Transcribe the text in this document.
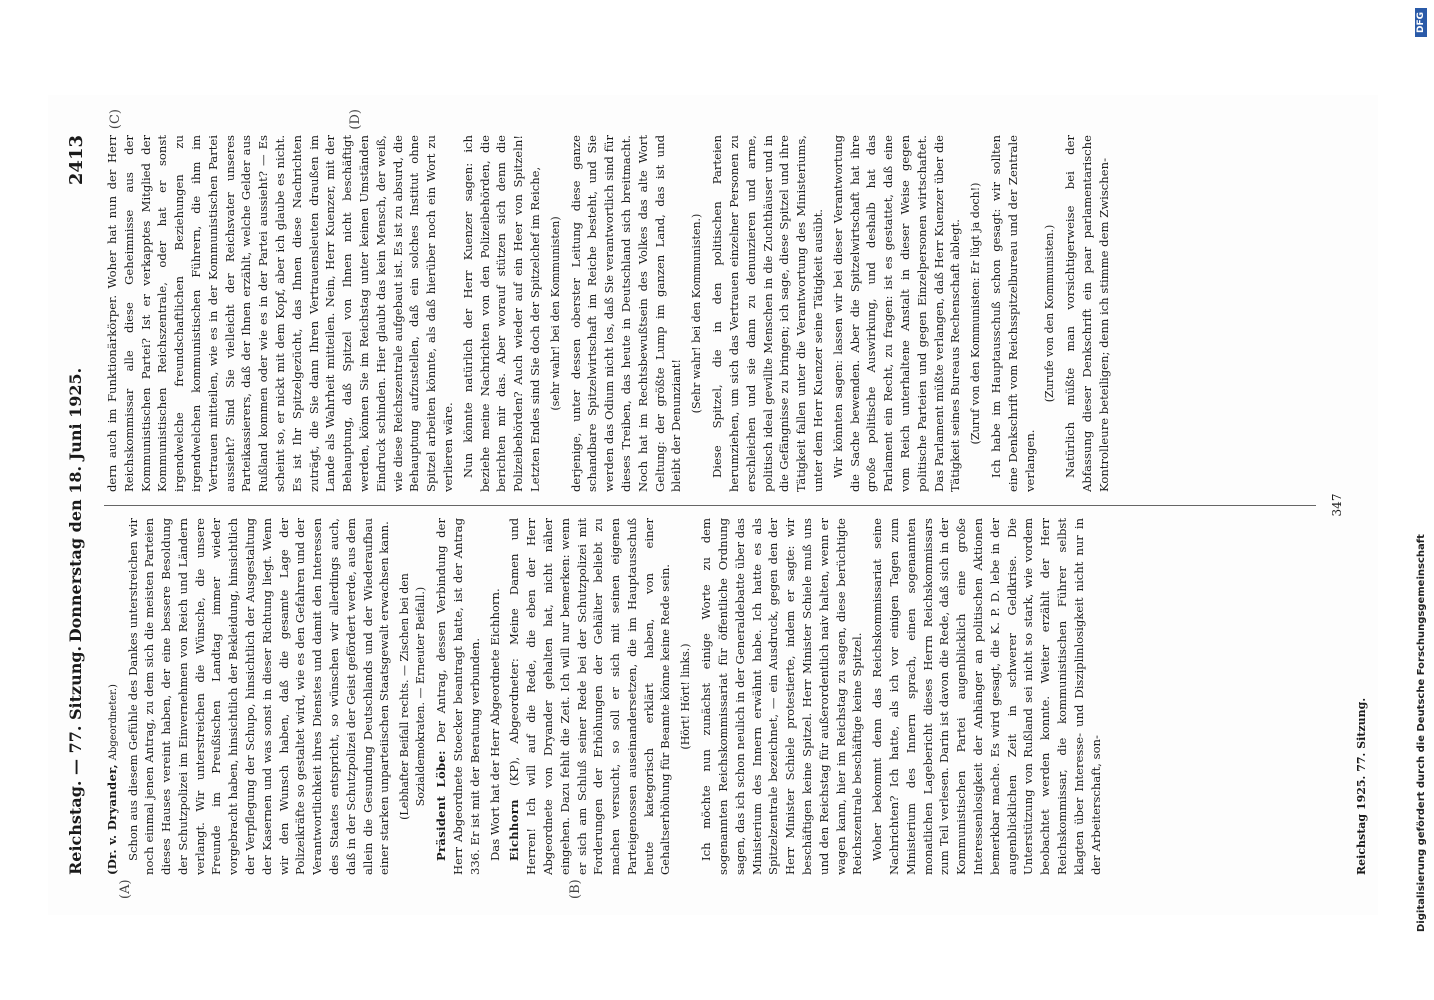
Reichstag. — 77. Sitzung.
Donnerstag den 18. Juni 1925.
2413
(A)	(B)
(C)	(D)

(Dr. v. Dryander, Abgeordneter.) Schon aus diesem Gefühle des Dankes unterstreichen wir noch einmal jenen Antrag, zu dem sich die meisten Parteien dieses Hauses vereint haben, der eine bessere Besoldung der Schutzpolizei im Einvernehmen von Reich und Ländern verlangt. Wir unterstreichen die Wünsche, die unsere Freunde im Preußischen Landtag immer wieder vorgebracht haben, hinsichtlich der Bekleidung, hinsichtlich der Verpflegung der Schupo, hinsichtlich der Ausgestaltung der Kasernen und was sonst in dieser Richtung liegt. Wenn wir den Wunsch haben, daß die gesamte Lage der Polizeikräfte so gestaltet wird, wie es den Gefahren und der Verantwortlichkeit ihres Dienstes und damit den Interessen des Staates entspricht, so wünschen wir allerdings auch, daß in der Schutzpolizei der Geist gefördert werde, aus dem allein die Gesundung Deutschlands und der Wiederaufbau einer starken unparteiischen Staatsgewalt erwachsen kann. (Lebhafter Beifall rechts. — Zischen bei den Sozialdemokraten. — Erneuter Beifall.) Präsident Löbe: Der Antrag, dessen Verbindung der Herr Abgeordnete Stoecker beantragt hatte, ist der Antrag 336. Er ist mit der Beratung verbunden. Das Wort hat der Herr Abgeordnete Eichhorn. Eichhorn (KP), Abgeordneter: Meine Damen und Herren! Ich will auf die Rede, die eben der Herr Abgeordnete von Dryander gehalten hat, nicht näher eingehen. Dazu fehlt die Zeit. Ich will nur bemerken: wenn er sich am Schluß seiner Rede bei der Schutzpolizei mit Forderungen der Erhöhungen der Gehälter beliebt zu machen versucht, so soll er sich mit seinen eigenen Parteigenossen auseinandersetzen, die im Hauptausschuß heute kategorisch erklärt haben, von einer Gehaltserhöhung für Beamte könne keine Rede sein. (Hört! Hört! links.) Ich möchte nun zunächst einige Worte zu dem sogenannten Reichskommissariat für öffentliche Ordnung sagen, das ich schon neulich in der Generaldebatte über das Ministerium des Innern erwähnt habe. Ich hatte es als Spitzelzentrale bezeichnet, — ein Ausdruck, gegen den der Herr Minister Schiele protestierte, indem er sagte: wir beschäftigen keine Spitzel. Herr Minister Schiele muß uns und den Reichstag für außerordentlich naiv halten, wenn er wagen kann, hier im Reichstag zu sagen, diese berüchtigte Reichszentrale beschäftige keine Spitzel. Woher bekommt denn das Reichskommissariat seine Nachrichten? Ich hatte, als ich vor einigen Tagen zum Ministerium des Innern sprach, einen sogenannten monatlichen Lagebericht dieses Herrn Reichskommissars zum Teil verlesen. Darin ist davon die Rede, daß sich in der Kommunistischen Partei augenblicklich eine große Interessenlosigkeit der Anhänger an politischen Aktionen bemerkbar mache. Es wird gesagt, die K. P. D. lebe in der augenblicklichen Zeit in schwerer Geldkrise. Die Unterstützung von Rußland sei nicht so stark, wie vordem beobachtet werden konnte. Weiter erzählt der Herr Reichskommissar, die kommunistischen Führer selbst klagten über Interesse- und Disziplinlosigkeit nicht nur in der Arbeiterschaft, son-

dern auch im Funktionärkörper. Woher hat nun der Herr Reichskommissar alle diese Geheimnisse aus der Kommunistischen Partei? Ist er verkapptes Mitglied der Kommunistischen Reichszentrale, oder hat er sonst irgendwelche freundschaftlichen Beziehungen zu irgendwelchen kommunistischen Führern, die ihm im Vertrauen mitteilen, wie es in der Kommunistischen Partei aussieht? Sind Sie vielleicht der Reichsvater unseres Parteikassierers, daß der Ihnen erzählt, welche Gelder aus Rußland kommen oder wie es in der Partei aussieht? — Es scheint so, er nickt mit dem Kopf, aber ich glaube es nicht. Es ist Ihr Spitzelgezücht, das Ihnen diese Nachrichten zuträgt, die Sie dann Ihren Vertrauensleuten draußen im Lande als Wahrheit mitteilen. Nein, Herr Kuenzer, mit der Behauptung, daß Spitzel von Ihnen nicht beschäftigt werden, können Sie im Reichstag unter keinen Umständen Eindruck schinden. Hier glaubt das kein Mensch, der weiß, wie diese Reichszentrale aufgebaut ist. Es ist zu absurd, die Behauptung aufzustellen, daß ein solches Institut ohne Spitzel arbeiten könnte, als daß hierüber noch ein Wort zu verlieren wäre. Nun könnte natürlich der Herr Kuenzer sagen: ich beziehe meine Nachrichten von den Polizeibehörden, die berichten mir das. Aber worauf stützen sich denn die Polizeibehörden? Auch wieder auf ein Heer von Spitzeln! Letzten Endes sind Sie doch der Spitzelchef im Reiche, (sehr wahr! bei den Kommunisten) derjenige, unter dessen oberster Leitung diese ganze schandbare Spitzelwirtschaft im Reiche besteht, und Sie werden das Odium nicht los, daß Sie verantwortlich sind für dieses Treiben, das heute in Deutschland sich breitmacht. Noch hat im Rechtsbewußtsein des Volkes das alte Wort Geltung: der größte Lump im ganzen Land, das ist und bleibt der Denunziant!

(Sehr wahr! bei den Kommunisten.) Diese Spitzel, die in den politischen Parteien herumziehen, um sich das Vertrauen einzelner Personen zu erschleichen und sie dann zu denunzieren und arme, politisch ideal gewillte Menschen in die Zuchthäuser und in die Gefängnisse zu bringen; ich sage, diese Spitzel und ihre Tätigkeit fallen unter die Verantwortung des Ministeriums, unter dem Herr Kuenzer seine Tätigkeit ausübt. Wir könnten sagen: lassen wir bei dieser Verantwortung die Sache bewenden. Aber die Spitzelwirtschaft hat ihre große politische Auswirkung, und deshalb hat das Parlament ein Recht, zu fragen: ist es gestattet, daß eine vom Reich unterhaltene Anstalt in dieser Weise gegen politische Parteien und gegen Einzelpersonen wirtschaftet. Das Parlament müßte verlangen, daß Herr Kuenzer über die Tätigkeit seines Bureaus Rechenschaft ablegt. (Zuruf von den Kommunisten: Er lügt ja doch!) Ich habe im Hauptausschuß schon gesagt: wir sollten eine Denkschrift vom Reichsspitzelbureau und der Zentrale verlangen.

(Zurufe von den Kommunisten.) Natürlich müßte man vorsichtigerweise bei der Abfassung dieser Denkschrift ein paar parlamentarische Kontrolleure beteiligen; denn ich stimme dem Zwischen-

347
Reichstag 1925. 77. Sitzung.	Digitalisierung gefördert durch die Deutsche Forschungsgemeinschaft
DFG
